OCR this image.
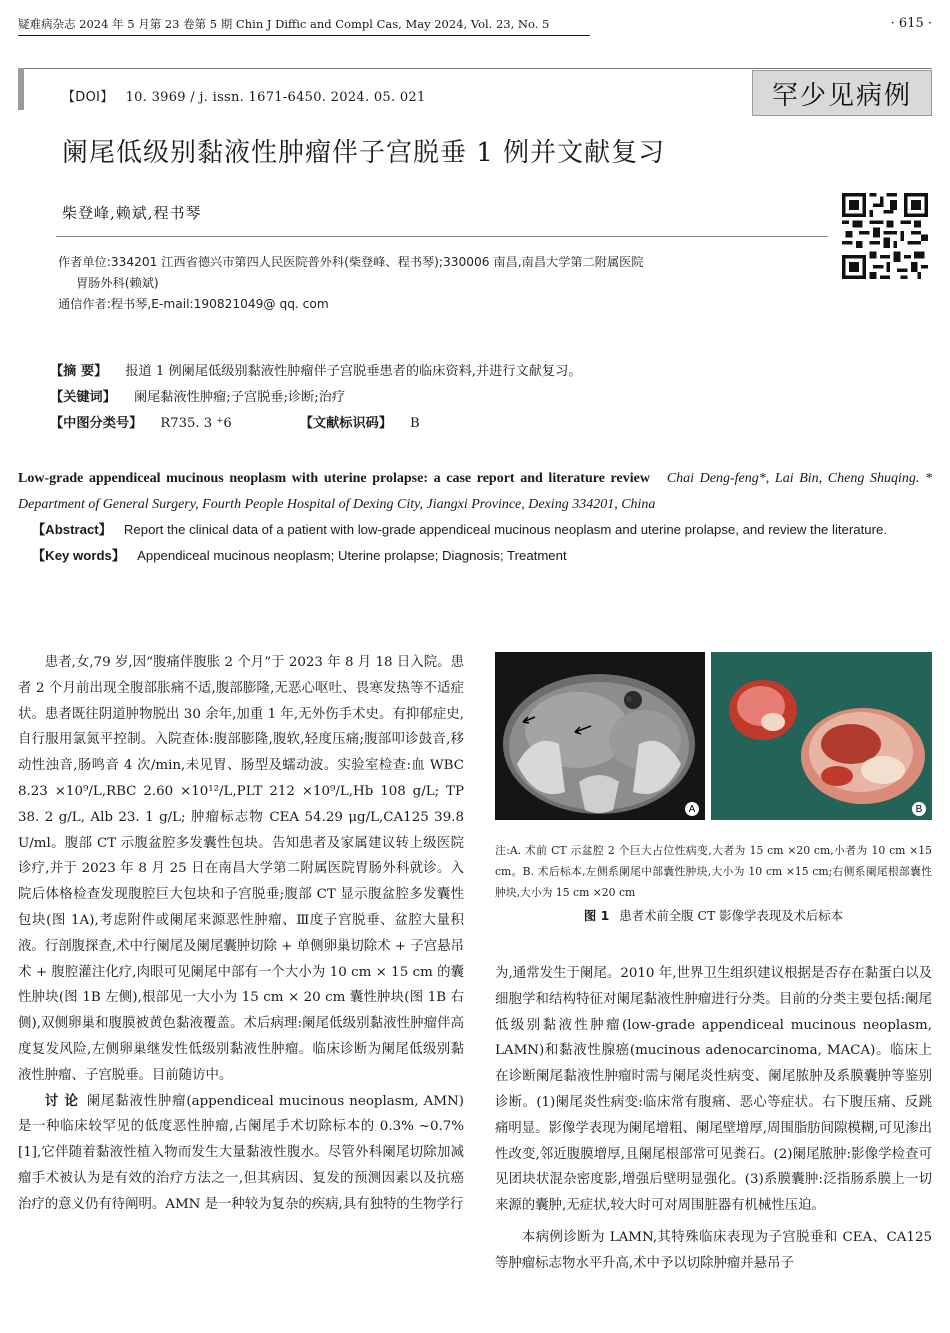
疑难病杂志 2024 年 5 月第 23 卷第 5 期 Chin J Diffic and Compl Cas, May 2024, Vol. 23, No. 5	· 615 ·
【DOI】 10. 3969 / j. issn. 1671-6450. 2024. 05. 021	罕少见病例
阑尾低级别黏液性肿瘤伴子宫脱垂 1 例并文献复习
柴登峰,赖斌,程书琴
作者单位:334201 江西省德兴市第四人民医院普外科(柴登峰、程书琴);330006 南昌,南昌大学第二附属医院
胃肠外科(赖斌)
通信作者:程书琴,E-mail:190821049@ qq. com
【摘 要】 报道 1 例阑尾低级别黏液性肿瘤伴子宫脱垂患者的临床资料,并进行文献复习。
【关键词】 阑尾黏液性肿瘤;子宫脱垂;诊断;治疗
【中图分类号】 R735. 3 ⁺6	【文献标识码】 B
Low-grade appendiceal mucinous neoplasm with uterine prolapse: a case report and literature review Chai Deng-feng*, Lai Bin, Cheng Shuqing. * Department of General Surgery, Fourth People Hospital of Dexing City, Jiangxi Province, Dexing 334201, China
【Abstract】 Report the clinical data of a patient with low-grade appendiceal mucinous neoplasm and uterine prolapse, and review the literature.
【Key words】 Appendiceal mucinous neoplasm; Uterine prolapse; Diagnosis; Treatment

患者,女,79 岁,因“腹痛伴腹胀 2 个月”于 2023 年 8 月 18 日入院。患者 2 个月前出现全腹部胀痛不适,腹部膨隆,无恶心呕吐、畏寒发热等不适症状。患者既往阴道肿物脱出 30 余年,加重 1 年,无外伤手术史。有抑郁症史,自行服用氯氮平控制。入院查体:腹部膨隆,腹软,轻度压痛;腹部叩诊鼓音,移动性浊音,肠鸣音 4 次/min,未见胃、肠型及蠕动波。实验室检查:血 WBC 8.23 ×10⁹/L,RBC 2.60 ×10¹²/L,PLT 212 ×10⁹/L,Hb 108 g/L; TP 38. 2 g/L, Alb 23. 1 g/L; 肿瘤标志物 CEA 54.29 μg/L,CA125 39.8 U/ml。腹部 CT 示腹盆腔多发囊性包块。告知患者及家属建议转上级医院诊疗,并于 2023 年 8 月 25 日在南昌大学第二附属医院胃肠外科就诊。入院后体格检查发现腹腔巨大包块和子宫脱垂;腹部 CT 显示腹盆腔多发囊性包块(图 1A),考虑附件或阑尾来源恶性肿瘤、Ⅲ度子宫脱垂、盆腔大量积液。行剖腹探查,术中行阑尾及阑尾囊肿切除 + 单侧卵巢切除术 + 子宫悬吊术 + 腹腔灌注化疗,肉眼可见阑尾中部有一个大小为 10 cm × 15 cm 的囊性肿块(图 1B 左侧),根部见一大小为 15 cm × 20 cm 囊性肿块(图 1B 右侧),双侧卵巢和腹膜被黄色黏液覆盖。术后病理:阑尾低级别黏液性肿瘤伴高度复发风险,左侧卵巢继发性低级别黏液性肿瘤。临床诊断为阑尾低级别黏液性肿瘤、子宫脱垂。目前随访中。

讨 论 阑尾黏液性肿瘤(appendiceal mucinous neoplasm, AMN)是一种临床较罕见的低度恶性肿瘤,占阑尾手术切除标本的 0.3% ~0.7%[1],它伴随着黏液性植入物而发生大量黏液性腹水。尽管外科阑尾切除加减瘤手术被认为是有效的治疗方法之一,但其病因、复发的预测因素以及抗癌治疗的意义仍有待阐明。AMN 是一种较为复杂的疾病,具有独特的生物学行

A	B
注:A. 术前 CT 示盆腔 2 个巨大占位性病变,大者为 15 cm ×20 cm,小者为 10 cm ×15 cm。B. 术后标本,左侧系阑尾中部囊性肿块,大小为 10 cm ×15 cm;右侧系阑尾根部囊性肿块,大小为 15 cm ×20 cm
图 1 患者术前全腹 CT 影像学表现及术后标本

为,通常发生于阑尾。2010 年,世界卫生组织建议根据是否存在黏蛋白以及细胞学和结构特征对阑尾黏液性肿瘤进行分类。目前的分类主要包括:阑尾低级别黏液性肿瘤(low-grade appendiceal mucinous neoplasm, LAMN)和黏液性腺癌(mucinous adenocarcinoma, MACA)。临床上在诊断阑尾黏液性肿瘤时需与阑尾炎性病变、阑尾脓肿及系膜囊肿等鉴别诊断。(1)阑尾炎性病变:临床常有腹痛、恶心等症状。右下腹压痛、反跳痛明显。影像学表现为阑尾增粗、阑尾壁增厚,周围脂肪间隙模糊,可见渗出性改变,邻近腹膜增厚,且阑尾根部常可见粪石。(2)阑尾脓肿:影像学检查可见团块状混杂密度影,增强后壁明显强化。(3)系膜囊肿:泛指肠系膜上一切来源的囊肿,无症状,较大时可对周围脏器有机械性压迫。

本病例诊断为 LAMN,其特殊临床表现为子宫脱垂和 CEA、CA125 等肿瘤标志物水平升高,术中予以切除肿瘤并悬吊子
